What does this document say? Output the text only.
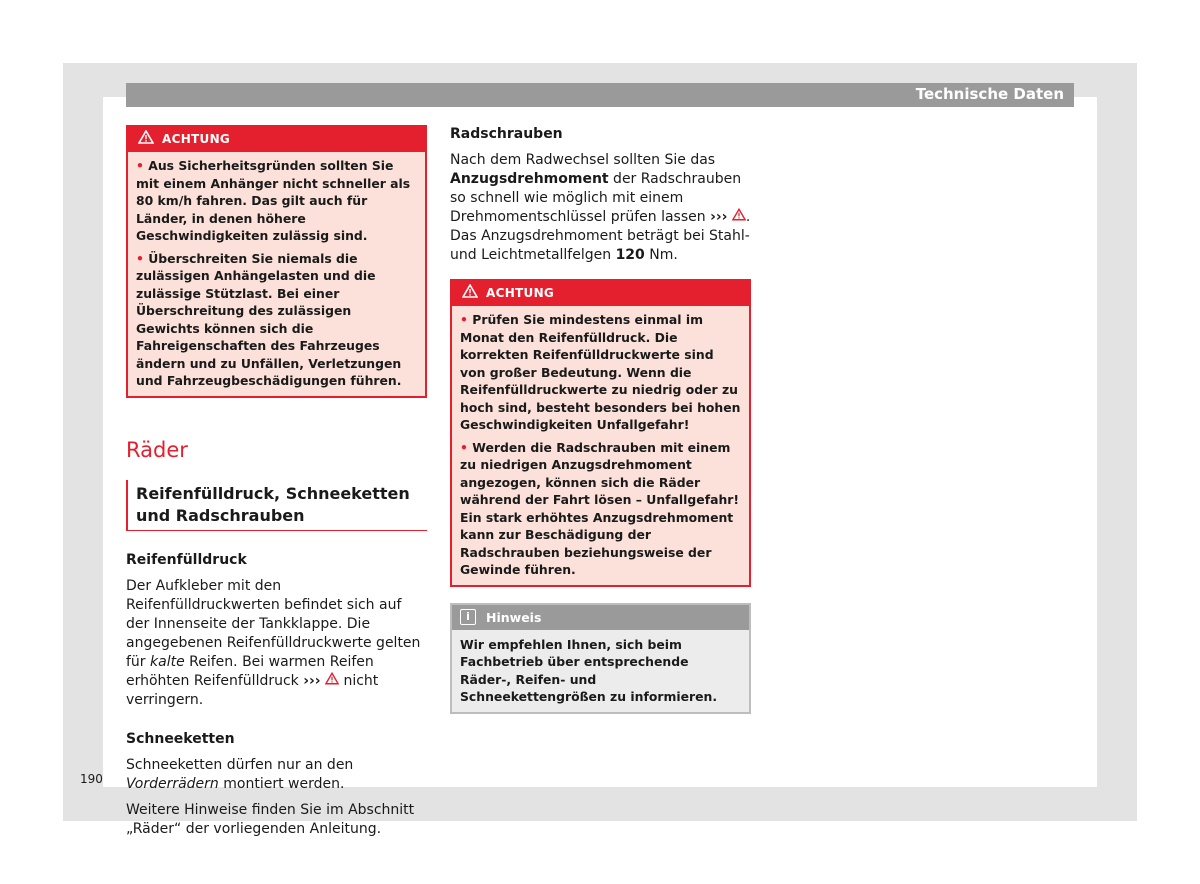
Technische Daten
ACHTUNG

• Aus Sicherheitsgründen sollten Sie mit einem Anhänger nicht schneller als 80 km/h fahren. Das gilt auch für Länder, in denen höhere Geschwindigkeiten zulässig sind.

• Überschreiten Sie niemals die zulässigen Anhängelasten und die zulässige Stützlast. Bei einer Überschreitung des zulässigen Gewichts können sich die Fahreigenschaften des Fahrzeuges ändern und zu Unfällen, Verletzungen und Fahrzeugbeschädigungen führen.

Räder
Reifenfülldruck, Schneeketten und Radschrauben
Reifenfülldruck

Der Aufkleber mit den Reifenfülldruckwerten befindet sich auf der Innenseite der Tankklappe. Die angegebenen Reifenfülldruckwerte gelten für kalte Reifen. Bei warmen Reifen erhöhten Reifenfülldruck ›››  nicht verringern.

Schneeketten

Schneeketten dürfen nur an den Vorderrädern montiert werden.

Weitere Hinweise finden Sie im Abschnitt „Räder“ der vorliegenden Anleitung.

Radschrauben

Nach dem Radwechsel sollten Sie das Anzugsdrehmoment der Radschrauben so schnell wie möglich mit einem Drehmomentschlüssel prüfen lassen ››› . Das Anzugsdrehmoment beträgt bei Stahl- und Leichtmetallfelgen 120 Nm.

ACHTUNG

• Prüfen Sie mindestens einmal im Monat den Reifenfülldruck. Die korrekten Reifenfülldruckwerte sind von großer Bedeutung. Wenn die Reifenfülldruckwerte zu niedrig oder zu hoch sind, besteht besonders bei hohen Geschwindigkeiten Unfallgefahr!

• Werden die Radschrauben mit einem zu niedrigen Anzugsdrehmoment angezogen, können sich die Räder während der Fahrt lösen – Unfallgefahr! Ein stark erhöhtes Anzugsdrehmoment kann zur Beschädigung der Radschrauben beziehungsweise der Gewinde führen.

i	Hinweis
Wir empfehlen Ihnen, sich beim Fachbetrieb über entsprechende Räder-, Reifen- und Schneekettengrößen zu informieren.
190
